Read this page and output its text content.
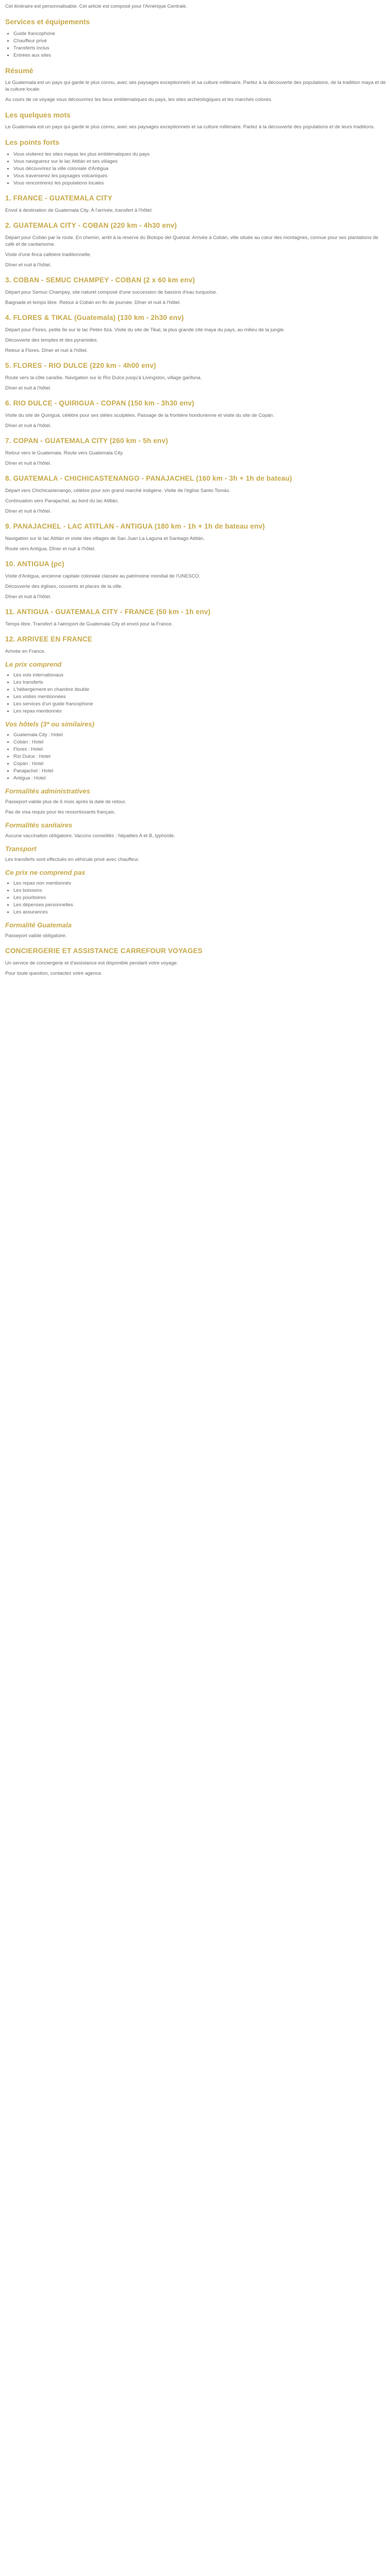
Cet itinéraire est personnalisable. Cet article est composé pour l'Amérique Centrale.

Services et équipements
• Guide francophone
• Chauffeur privé
• Transferts inclus
• Entrées aux sites
Résumé

Le Guatemala est un pays qui garde le plus connu, avec ses paysages exceptionnels et sa culture millénaire. Partez à la découverte des populations, de la tradition maya et de la culture locale.

Au cours de ce voyage vous découvrirez les lieux emblématiques du pays, les sites archéologiques et les marchés colorés.

Les quelques mots

Le Guatemala est un pays qui garde le plus connu, avec ses paysages exceptionnels et sa culture millénaire. Partez à la découverte des populations et de leurs traditions.

Les points forts
• Vous visiterez les sites mayas les plus emblématiques du pays
• Vous naviguerez sur le lac Atitlán et ses villages
• Vous découvrirez la ville coloniale d'Antigua
• Vous traverserez les paysages volcaniques
• Vous rencontrerez les populations locales
1. FRANCE - GUATEMALA CITY

Envol à destination de Guatemala City. À l'arrivée, transfert à l'hôtel.

2. GUATEMALA CITY - COBAN (220 km - 4h30 env)

Départ pour Cobán par la route. En chemin, arrêt à la réserve du Biotopo del Quetzal. Arrivée à Cobán, ville située au cœur des montagnes, connue pour ses plantations de café et de cardamome.

Visite d'une finca caféière traditionnelle.

Dîner et nuit à l'hôtel.

3. COBAN - SEMUC CHAMPEY - COBAN (2 x 60 km env)

Départ pour Semuc Champey, site naturel composé d'une succession de bassins d'eau turquoise.

Baignade et temps libre. Retour à Cobán en fin de journée. Dîner et nuit à l'hôtel.

4. FLORES & TIKAL (Guatemala) (130 km - 2h30 env)

Départ pour Flores, petite île sur le lac Petén Itzá. Visite du site de Tikal, la plus grande cité maya du pays, au milieu de la jungle.

Découverte des temples et des pyramides.

Retour à Flores. Dîner et nuit à l'hôtel.

5. FLORES - RIO DULCE (220 km - 4h00 env)

Route vers la côte caraïbe. Navigation sur le Río Dulce jusqu'à Livingston, village garifuna.

Dîner et nuit à l'hôtel.

6. RIO DULCE - QUIRIGUA - COPAN (150 km - 3h30 env)

Visite du site de Quiriguá, célèbre pour ses stèles sculptées. Passage de la frontière hondurienne et visite du site de Copán.

Dîner et nuit à l'hôtel.

7. COPAN - GUATEMALA CITY (260 km - 5h env)

Retour vers le Guatemala. Route vers Guatemala City.

Dîner et nuit à l'hôtel.

8. GUATEMALA - CHICHICASTENANGO - PANAJACHEL (160 km - 3h + 1h de bateau)

Départ vers Chichicastenango, célèbre pour son grand marché indigène. Visite de l'église Santo Tomás.

Continuation vers Panajachel, au bord du lac Atitlán.

Dîner et nuit à l'hôtel.

9. PANAJACHEL - LAC ATITLAN - ANTIGUA (180 km - 1h + 1h de bateau env)

Navigation sur le lac Atitlán et visite des villages de San Juan La Laguna et Santiago Atitlán.

Route vers Antigua. Dîner et nuit à l'hôtel.

10. ANTIGUA (pc)

Visite d'Antigua, ancienne capitale coloniale classée au patrimoine mondial de l'UNESCO.

Découverte des églises, couvents et places de la ville.

Dîner et nuit à l'hôtel.

11. ANTIGUA - GUATEMALA CITY - FRANCE (50 km - 1h env)

Temps libre. Transfert à l'aéroport de Guatemala City et envol pour la France.

12. ARRIVEE EN FRANCE

Arrivée en France.

Le prix comprend
• Les vols internationaux
• Les transferts
• L'hébergement en chambre double
• Les visites mentionnées
• Les services d'un guide francophone
• Les repas mentionnés
Vos hôtels (3* ou similaires)
• Guatemala City : Hotel
• Cobán : Hotel
• Flores : Hotel
• Río Dulce : Hotel
• Copán : Hotel
• Panajachel : Hotel
• Antigua : Hotel
Formalités administratives

Passeport valide plus de 6 mois après la date de retour.

Pas de visa requis pour les ressortissants français.

Formalités sanitaires

Aucune vaccination obligatoire. Vaccins conseillés : hépatites A et B, typhoïde.

Transport

Les transferts sont effectués en véhicule privé avec chauffeur.

Ce prix ne comprend pas
• Les repas non mentionnés
• Les boissons
• Les pourboires
• Les dépenses personnelles
• Les assurances
Formalité Guatemala

Passeport valide obligatoire.

CONCIERGERIE ET ASSISTANCE CARREFOUR VOYAGES

Un service de conciergerie et d'assistance est disponible pendant votre voyage.

Pour toute question, contactez votre agence.
